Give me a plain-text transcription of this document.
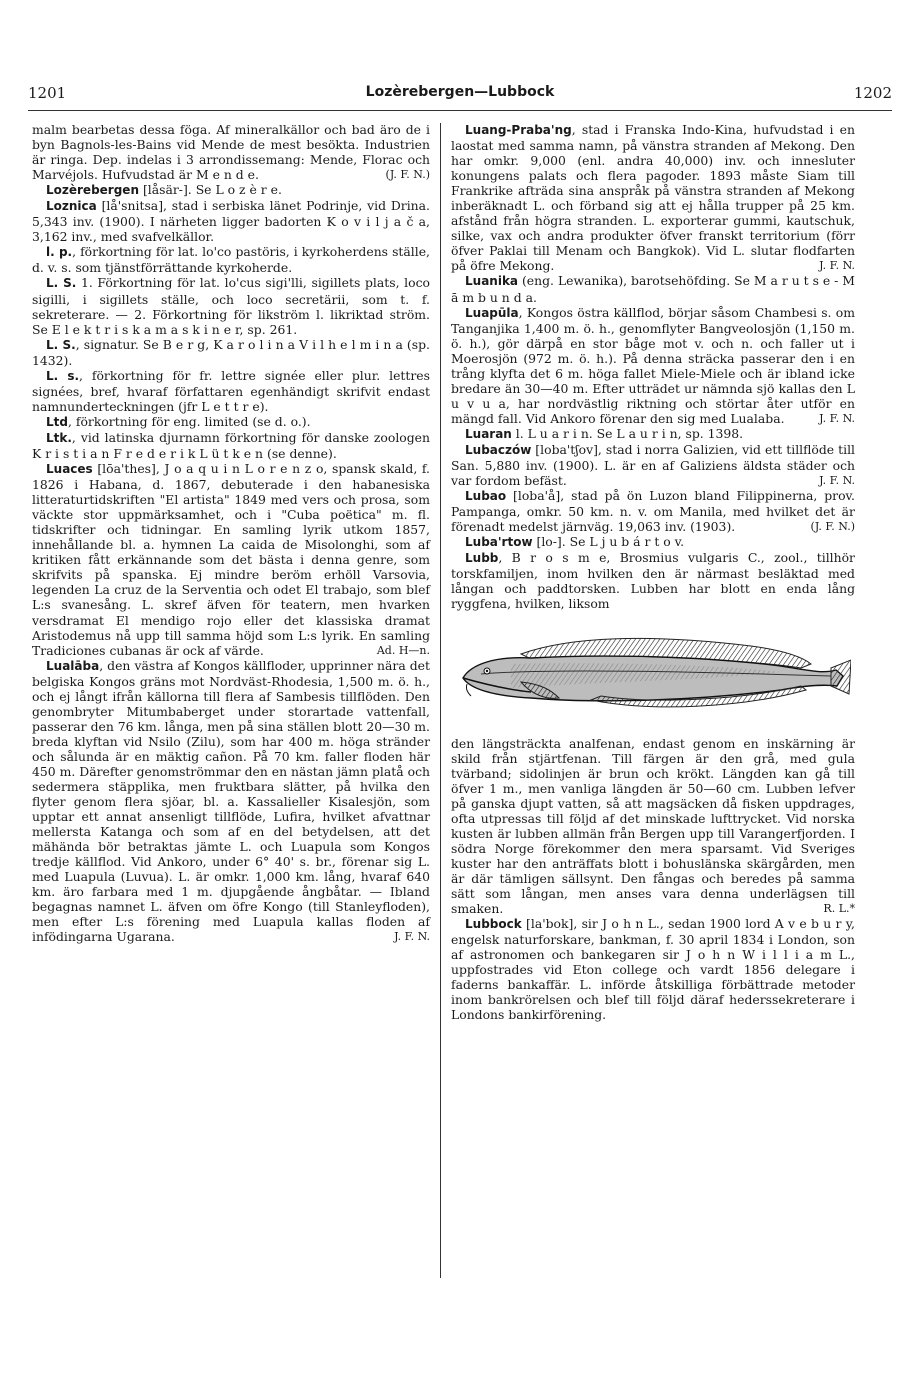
1201	Lozèrebergen—Lubbock	1202

malm bearbetas dessa föga. Af mineralkällor och bad äro de i byn Bagnols-les-Bains vid Mende de mest besökta. Industrien är ringa. Dep. indelas i 3 arrondissemang: Mende, Florac och Marvéjols. Hufvudstad är M e n d e.	(J. F. N.)

Lozèrebergen [låsär-]. Se L o z è r e.

Loznica [lå'snitsa], stad i serbiska länet Podrinje, vid Drina. 5,343 inv. (1900). I närheten ligger badorten K o v i l j a č a, 3,162 inv., med svafvelkällor.

l. p., förkortning för lat. lo'co pastöris, i kyrkoherdens ställe, d. v. s. som tjänstförrättande kyrkoherde.

L. S. 1. Förkortning för lat. lo'cus sigi'lli, sigillets plats, loco sigilli, i sigillets ställe, och loco secretärii, som t. f. sekreterare. — 2. Förkortning för likström l. likriktad ström. Se E l e k t r i s k a m a s k i n e r, sp. 261.

L. S., signatur. Se B e r g, K a r o l i n a V i l h e l m i n a (sp. 1432).

L. s., förkortning för fr. lettre signée eller plur. lettres signées, bref, hvaraf författaren egenhändigt skrifvit endast namnunderteckningen (jfr L e t t r e).

Ltd, förkortning för eng. limited (se d. o.).

Ltk., vid latinska djurnamn förkortning för danske zoologen K r i s t i a n F r e d e r i k L ü t k e n (se denne).

Luaces [lōa'thes], J o a q u i n L o r e n z o, spansk skald, f. 1826 i Habana, d. 1867, debuterade i den habanesiska litteraturtidskriften "El artista" 1849 med vers och prosa, som väckte stor uppmärksamhet, och i "Cuba poëtica" m. fl. tidskrifter och tidningar. En samling lyrik utkom 1857, innehållande bl. a. hymnen La caida de Misolonghi, som af kritiken fått erkännande som det bästa i denna genre, som skrifvits på spanska. Ej mindre beröm erhöll Varsovia, legenden La cruz de la Serventia och odet El trabajo, som blef L:s svanesång. L. skref äfven för teatern, men hvarken versdramat El mendigo rojo eller det klassiska dramat Aristodemus nå upp till samma höjd som L:s lyrik. En samling Tradiciones cubanas är ock af värde.	Ad. H—n.

Lualāba, den västra af Kongos källfloder, upprinner nära det belgiska Kongos gräns mot Nordväst-Rhodesia, 1,500 m. ö. h., och ej långt ifrån källorna till flera af Sambesis tillflöden. Den genombryter Mitumbaberget under storartade vattenfall, passerar den 76 km. långa, men på sina ställen blott 20—30 m. breda klyftan vid Nsilo (Zilu), som har 400 m. höga stränder och sålunda är en mäktig cañon. På 70 km. faller floden här 450 m. Därefter genomströmmar den en nästan jämn platå och sedermera stäpplika, men fruktbara slätter, på hvilka den flyter genom flera sjöar, bl. a. Kassalieller Kisalesjön, som upptar ett annat ansenligt tillflöde, Lufira, hvilket afvattnar mellersta Katanga och som af en del betydelsen, att det mähända bör betraktas jämte L. och Luapula som Kongos tredje källflod. Vid Ankoro, under 6° 40' s. br., förenar sig L. med Luapula (Luvua). L. är omkr. 1,000 km. lång, hvaraf 640 km. äro farbara med 1 m. djupgående ångbåtar. — Ibland begagnas namnet L. äfven om öfre Kongo (till Stanleyfloden), men efter L:s förening med Luapula kallas floden af infödingarna Ugarana.	J. F. N.

Luang-Praba'ng, stad i Franska Indo-Kina, hufvudstad i en laostat med samma namn, på vänstra stranden af Mekong. Den har omkr. 9,000 (enl. andra 40,000) inv. och innesluter konungens palats och flera pagoder. 1893 måste Siam till Frankrike afträda sina anspråk på vänstra stranden af Mekong inberäknadt L. och förband sig att ej hålla trupper på 25 km. afstånd från högra stranden. L. exporterar gummi, kautschuk, silke, vax och andra produkter öfver franskt territorium (förr öfver Paklai till Menam och Bangkok). Vid L. slutar flodfarten på öfre Mekong.	J. F. N.

Luanika (eng. Lewanika), barotsehöfding. Se M a r u t s e - M ā m b u n d a.

Luapūla, Kongos östra källflod, börjar såsom Chambesi s. om Tanganjika 1,400 m. ö. h., genomflyter Bangveolosjön (1,150 m. ö. h.), gör därpå en stor båge mot v. och n. och faller ut i Moerosjön (972 m. ö. h.). På denna sträcka passerar den i en trång klyfta det 6 m. höga fallet Miele-Miele och är ibland icke bredare än 30—40 m. Efter utträdet ur nämnda sjö kallas den L u v u a, har nordvästlig riktning och störtar åter utför en mängd fall. Vid Ankoro förenar den sig med Lualaba.	J. F. N.

Luaran l. L u a r i n. Se L a u r i n, sp. 1398.

Lubaczów [loba'tʃov], stad i norra Galizien, vid ett tillflöde till San. 5,880 inv. (1900). L. är en af Galiziens äldsta städer och var fordom befäst.	J. F. N.

Lubao [loba'å], stad på ön Luzon bland Filippinerna, prov. Pampanga, omkr. 50 km. n. v. om Manila, med hvilket det är förenadt medelst järnväg. 19,063 inv. (1903).	(J. F. N.)

Luba'rtow [lo-]. Se L j u b á r t o v.

Lubb, B r o s m e, Brosmius vulgaris C., zool., tillhör torskfamiljen, inom hvilken den är närmast besläktad med långan och paddtorsken. Lubben har blott en enda lång ryggfena, hvilken, liksom

den längsträckta analfenan, endast genom en inskärning är skild från stjärtfenan. Till färgen är den grå, med gula tvärband; sidolinjen är brun och krökt. Längden kan gå till öfver 1 m., men vanliga längden är 50—60 cm. Lubben lefver på ganska djupt vatten, så att magsäcken då fisken uppdrages, ofta utpressas till följd af det minskade lufttrycket. Vid norska kusten är lubben allmän från Bergen upp till Varangerfjorden. I södra Norge förekommer den mera sparsamt. Vid Sveriges kuster har den anträffats blott i bohuslänska skärgården, men är där tämligen sällsynt. Den fångas och beredes på samma sätt som långan, men anses vara denna underlägsen till smaken.	R. L.*

Lubbock [la'bok], sir J o h n L., sedan 1900 lord A v e b u r y, engelsk naturforskare, bankman, f. 30 april 1834 i London, son af astronomen och bankegaren sir J o h n W i l l i a m L., uppfostrades vid Eton college och vardt 1856 delegare i faderns bankaffär. L. införde åtskilliga förbättrade metoder inom bankrörelsen och blef till följd däraf hederssekreterare i Londons bankirförening.
